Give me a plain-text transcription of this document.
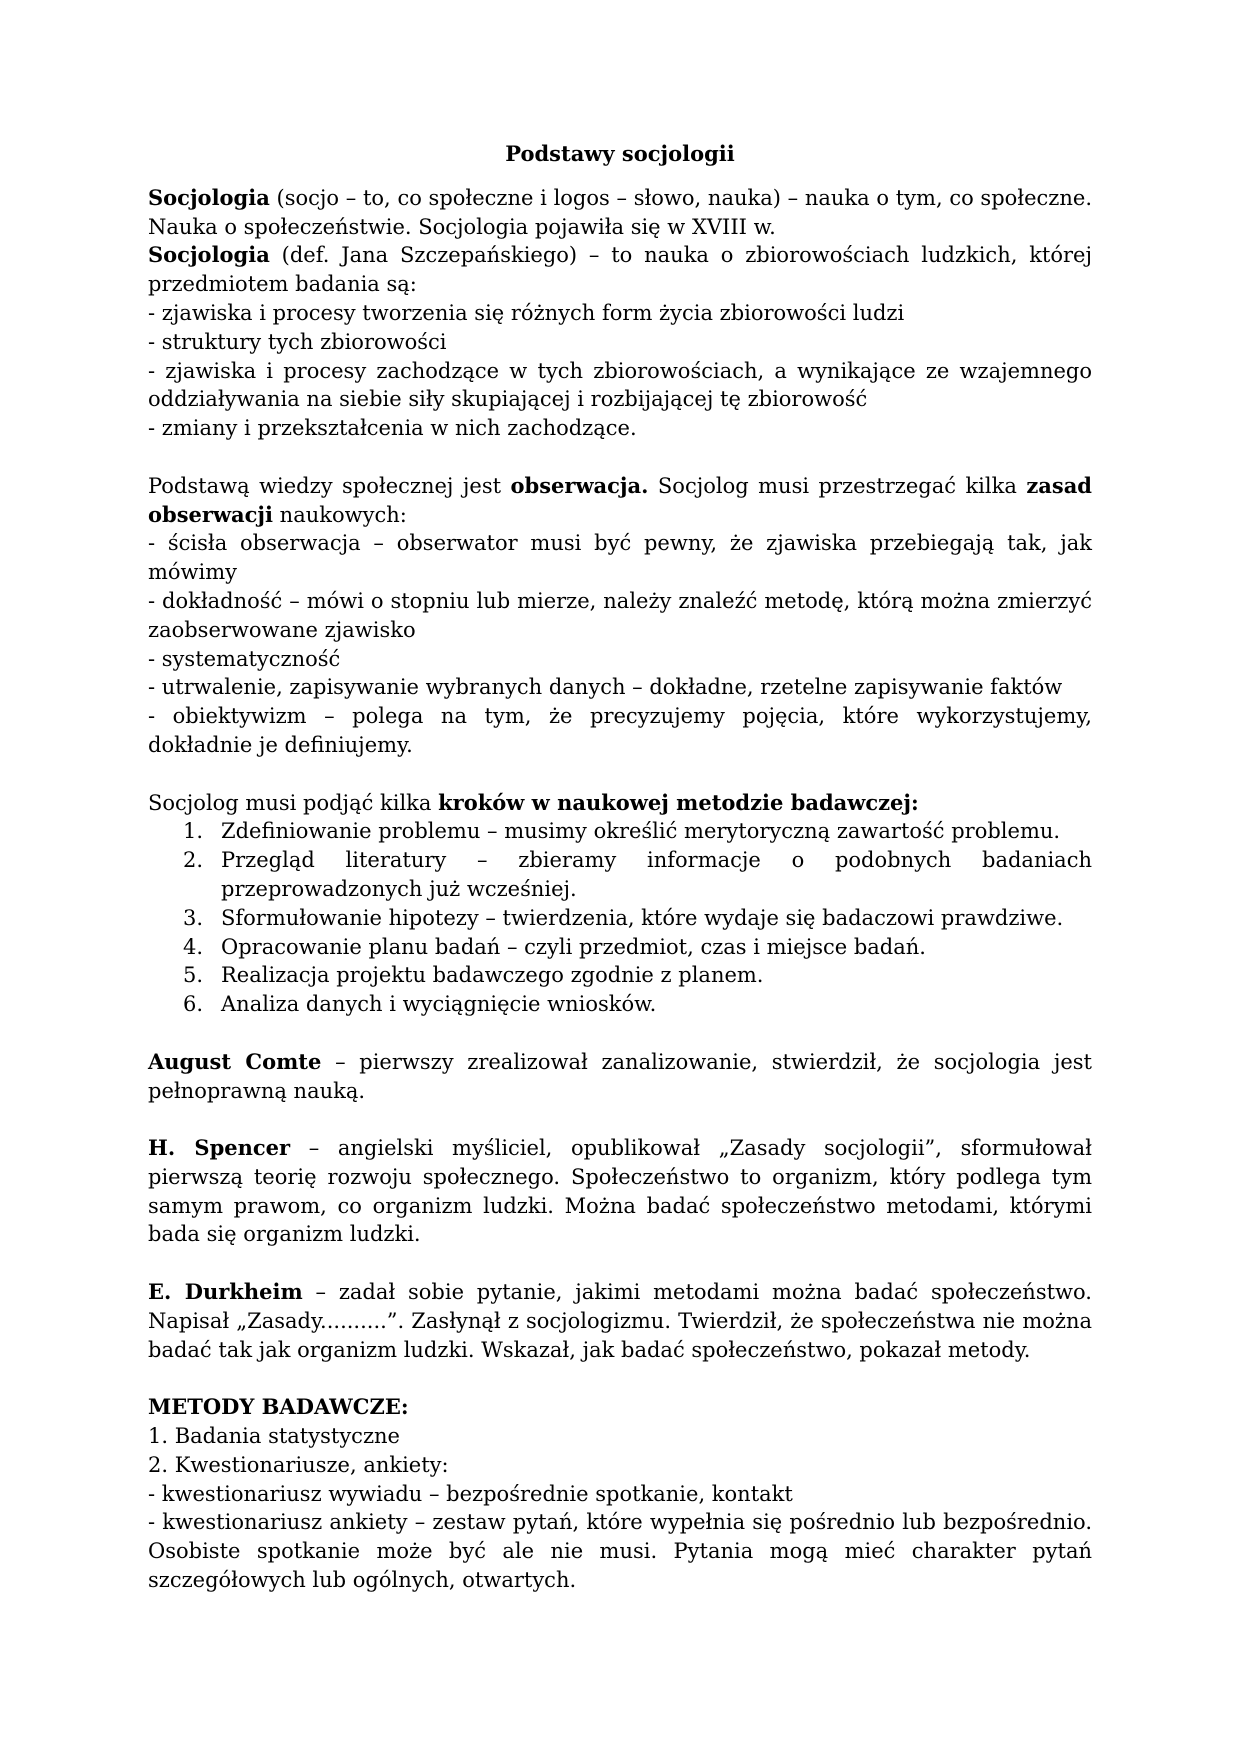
Podstawy socjologii

Socjologia (socjo – to, co społeczne i logos – słowo, nauka) – nauka o tym, co społeczne. Nauka o społeczeństwie. Socjologia pojawiła się w XVIII w.

Socjologia (def. Jana Szczepańskiego) – to nauka o zbiorowościach ludzkich, której przedmiotem badania są:

- zjawiska i procesy tworzenia się różnych form życia zbiorowości ludzi

- struktury tych zbiorowości

- zjawiska i procesy zachodzące w tych zbiorowościach, a wynikające ze wzajemnego oddziaływania na siebie siły skupiającej i rozbijającej tę zbiorowość

- zmiany i przekształcenia w nich zachodzące.

Podstawą wiedzy społecznej jest obserwacja. Socjolog musi przestrzegać kilka zasad obserwacji naukowych:

- ścisła obserwacja – obserwator musi być pewny, że zjawiska przebiegają tak, jak mówimy

- dokładność – mówi o stopniu lub mierze, należy znaleźć metodę, którą można zmierzyć zaobserwowane zjawisko

- systematyczność

- utrwalenie, zapisywanie wybranych danych – dokładne, rzetelne zapisywanie faktów

- obiektywizm – polega na tym, że precyzujemy pojęcia, które wykorzystujemy, dokładnie je definiujemy.

Socjolog musi podjąć kilka kroków w naukowej metodzie badawczej:

1. Zdefiniowanie problemu – musimy określić merytoryczną zawartość problemu.
2. Przegląd literatury – zbieramy informacje o podobnych badaniach przeprowadzonych już wcześniej.
3. Sformułowanie hipotezy – twierdzenia, które wydaje się badaczowi prawdziwe.
4. Opracowanie planu badań – czyli przedmiot, czas i miejsce badań.
5. Realizacja projektu badawczego zgodnie z planem.
6. Analiza danych i wyciągnięcie wniosków.

August Comte – pierwszy zrealizował zanalizowanie, stwierdził, że socjologia jest pełnoprawną nauką.

H. Spencer – angielski myśliciel, opublikował „Zasady socjologii”, sformułował pierwszą teorię rozwoju społecznego. Społeczeństwo to organizm, który podlega tym samym prawom, co organizm ludzki. Można badać społeczeństwo metodami, którymi bada się organizm ludzki.

E. Durkheim – zadał sobie pytanie, jakimi metodami można badać społeczeństwo. Napisał „Zasady..........”. Zasłynął z socjologizmu. Twierdził, że społeczeństwa nie można badać tak jak organizm ludzki. Wskazał, jak badać społeczeństwo, pokazał metody.

METODY BADAWCZE:

1. Badania statystyczne

2. Kwestionariusze, ankiety:

- kwestionariusz wywiadu – bezpośrednie spotkanie, kontakt

- kwestionariusz ankiety – zestaw pytań, które wypełnia się pośrednio lub bezpośrednio. Osobiste spotkanie może być ale nie musi. Pytania mogą mieć charakter pytań szczegółowych lub ogólnych, otwartych.
